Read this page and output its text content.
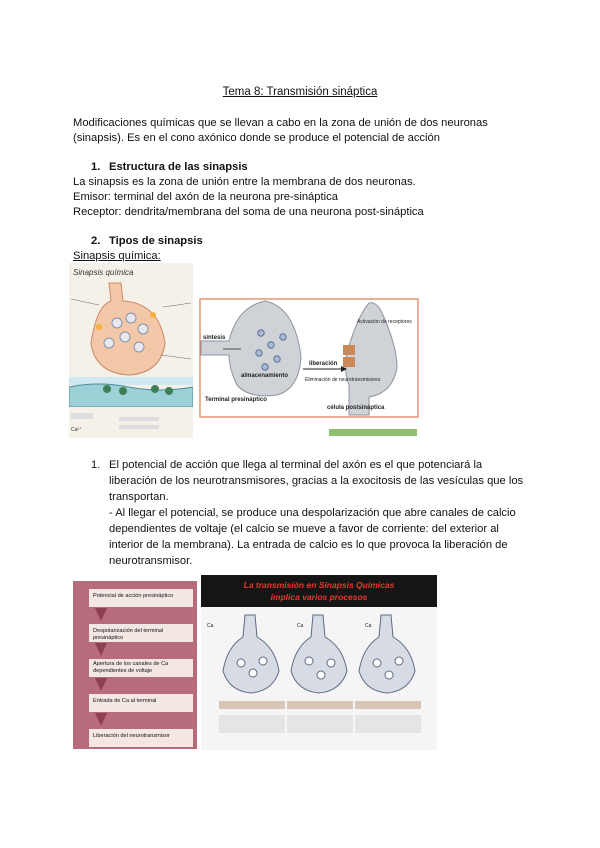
Tema 8: Transmisión sináptica
Modificaciones químicas que se llevan a cabo en la zona de unión de dos neuronas
(sinapsis). Es en el cono axónico donde se produce el potencial de acción
1. Estructura de las sinapsis
La sinapsis es la zona de unión entre la membrana de dos neuronas.
Emisor: terminal del axón de la neurona pre-sináptica
Receptor: dendrita/membrana del soma de una neurona post-sináptica
2. Tipos de sinapsis
Sinapsis química:
Sinapsis química
Ca²⁺
síntesis
almacenamiento
liberación
Eliminación de neurotransmisores
Activación de receptores
Terminal presináptico
célula postsináptica
1. El potencial de acción que llega al terminal del axón es el que potenciará la
liberación de los neurotransmisores, gracias a la exocitosis de las vesículas que los
transportan.
- Al llegar el potencial, se produce una despolarización que abre canales de calcio
dependientes de voltaje (el calcio se mueve a favor de corriente: del exterior al
interior de la membrana). La entrada de calcio es lo que provoca la liberación de
neurotransmisor.
Potencial de acción presináptico
Despolarización del terminal presináptico
Apertura de los canales de Ca dependientes de voltaje
Entrada de Ca al terminal
Liberación del neurotransmisor
La transmisión en Sinapsis Químicas
implica varios procesos
Ca	Ca	Ca
